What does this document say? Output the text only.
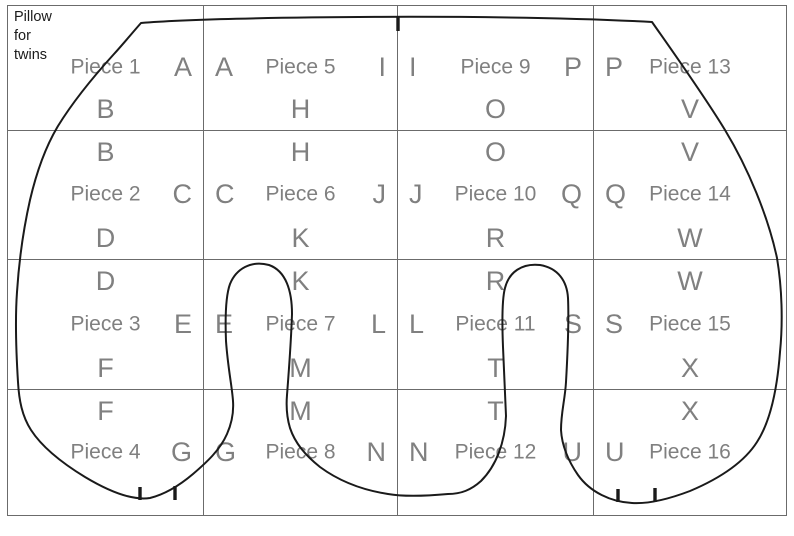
Pillow
for
twins
Piece 1 A
B
A Piece 5 I
H
I Piece 9 P
O
P Piece 13
V
B
Piece 2 C
D
H
C Piece 6 J
K
O
J Piece 10 Q
R
V
Q Piece 14
W
D
Piece 3 E
F
K
E Piece 7 L
M
R
L Piece 11 S
T
W
S Piece 15
X
F
Piece 4 G
M
G Piece 8 N
T
N Piece 12 U
X
U Piece 16
